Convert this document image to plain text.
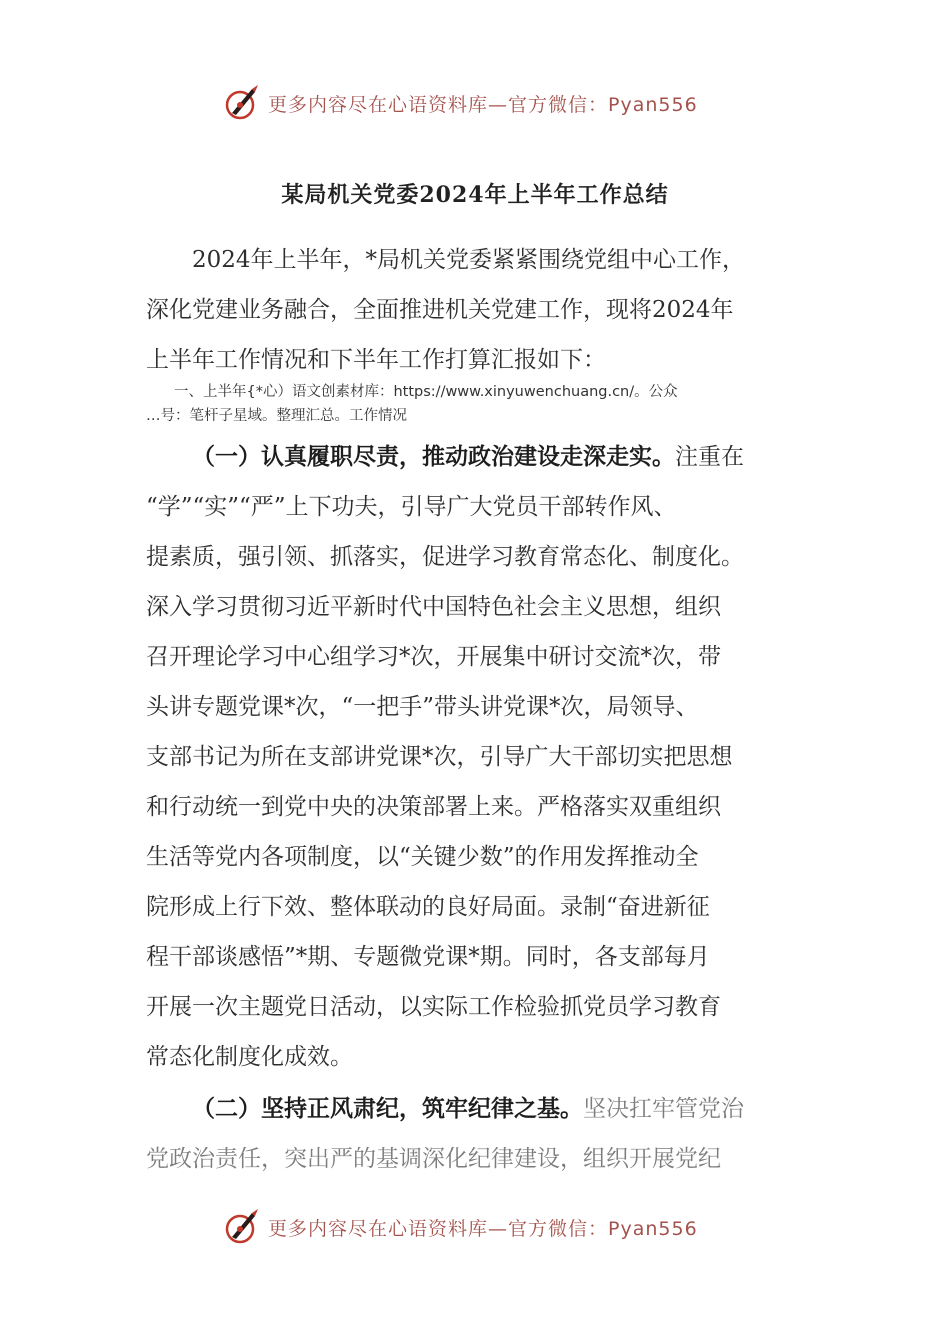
更多内容尽在心语资料库—官方微信：Pyan556
某局机关党委2024年上半年工作总结
2024年上半年，*局机关党委紧紧围绕党组中心工作，
深化党建业务融合，全面推进机关党建工作，现将2024年
上半年工作情况和下半年工作打算汇报如下：
一、上半年{*心）语文创素材库：https://www.xinyuwenchuang.cn/。公众
…号：笔杆子星域。整理汇总。工作情况
（一）认真履职尽责，推动政治建设走深走实。注重在
“学”“实”“严”上下功夫，引导广大党员干部转作风、
提素质，强引领、抓落实，促进学习教育常态化、制度化。
深入学习贯彻习近平新时代中国特色社会主义思想，组织
召开理论学习中心组学习*次，开展集中研讨交流*次，带
头讲专题党课*次，“一把手”带头讲党课*次，局领导、
支部书记为所在支部讲党课*次，引导广大干部切实把思想
和行动统一到党中央的决策部署上来。严格落实双重组织
生活等党内各项制度，以“关键少数”的作用发挥推动全
院形成上行下效、整体联动的良好局面。录制“奋进新征
程干部谈感悟”*期、专题微党课*期。同时，各支部每月
开展一次主题党日活动，以实际工作检验抓党员学习教育
常态化制度化成效。
（二）坚持正风肃纪，筑牢纪律之基。坚决扛牢管党治
党政治责任，突出严的基调深化纪律建设，组织开展党纪
更多内容尽在心语资料库—官方微信：Pyan556
